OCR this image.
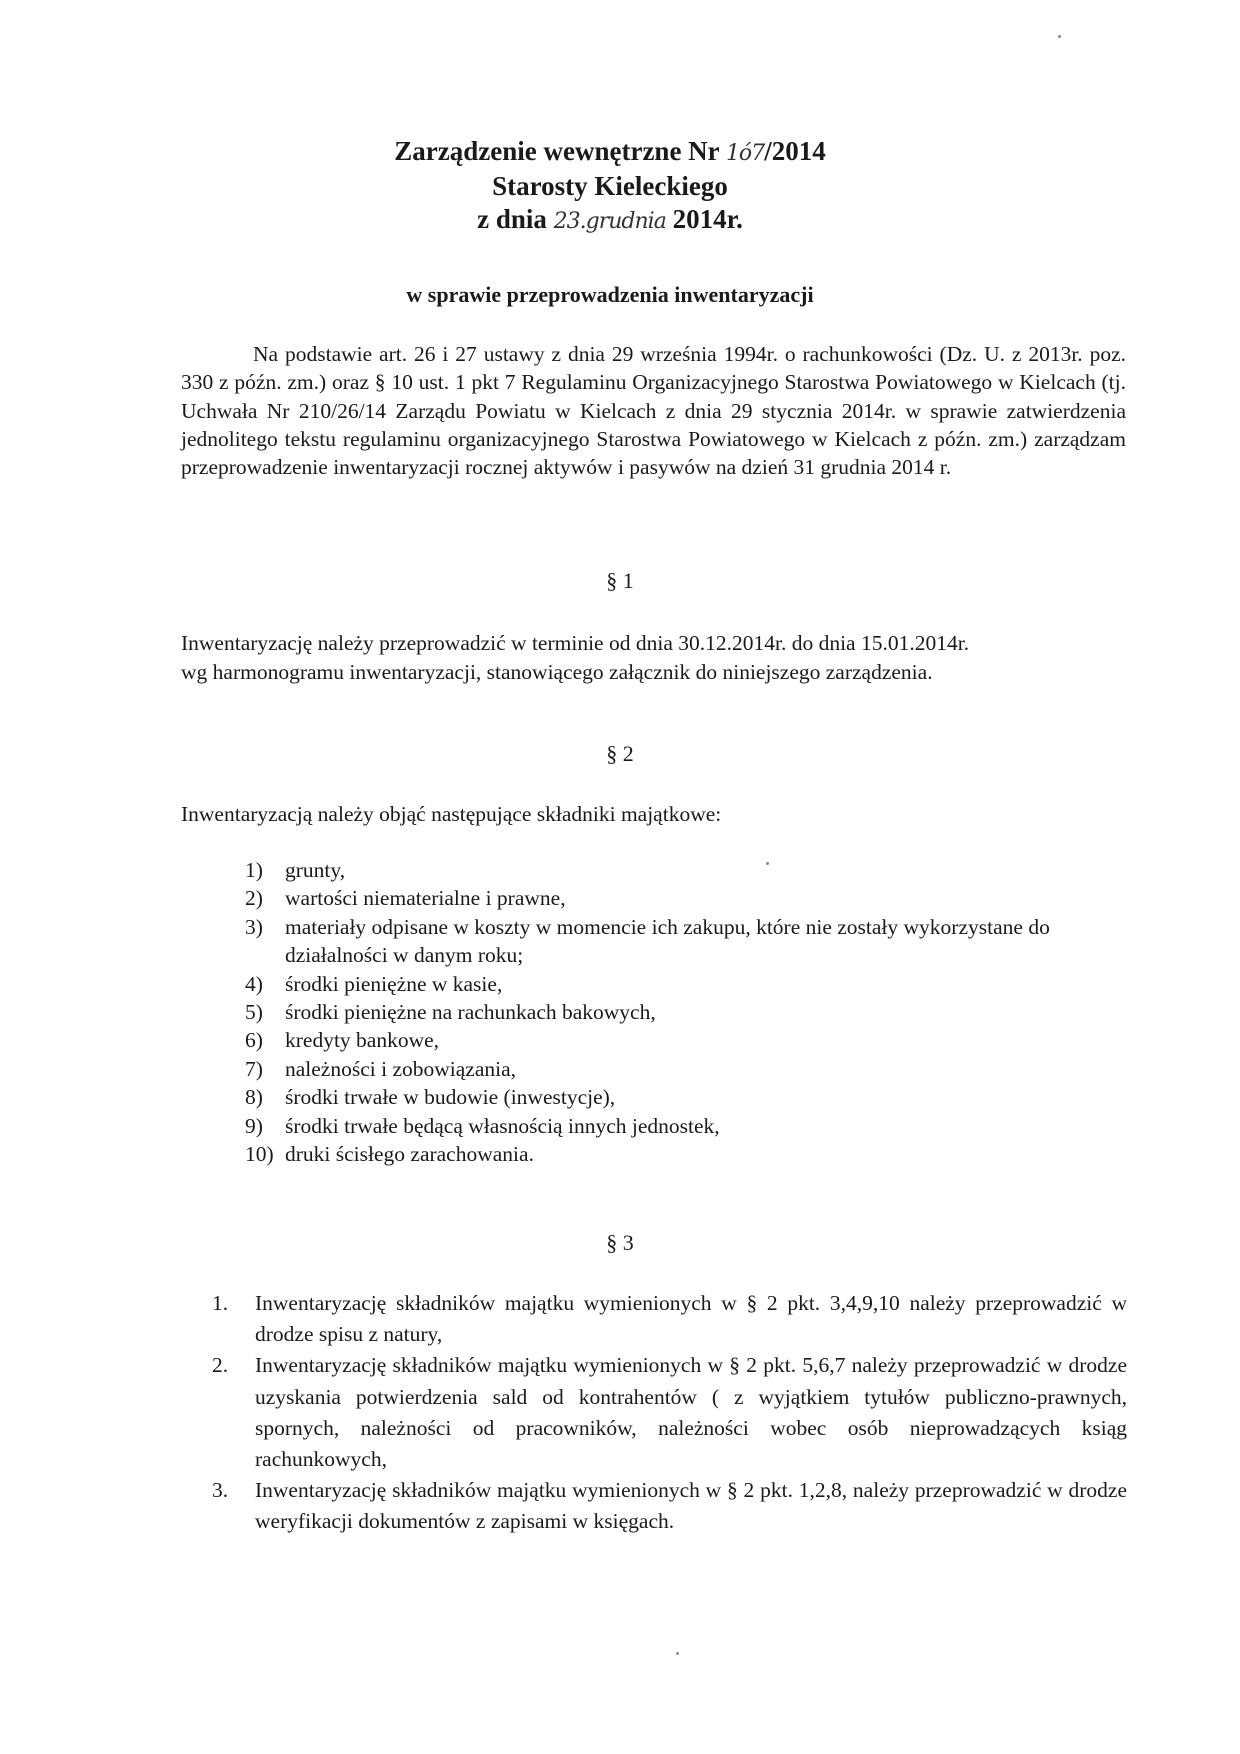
Zarządzenie wewnętrzne Nr 1ó7/2014
Starosty Kieleckiego
z dnia 23.grudnia 2014r.
w sprawie przeprowadzenia inwentaryzacji
Na podstawie art. 26 i 27 ustawy z dnia 29 września 1994r. o rachunkowości (Dz. U. z 2013r. poz. 330 z późn. zm.) oraz § 10 ust. 1 pkt 7 Regulaminu Organizacyjnego Starostwa Powiatowego w Kielcach (tj. Uchwała Nr 210/26/14 Zarządu Powiatu w Kielcach z dnia 29 stycznia 2014r. w sprawie zatwierdzenia jednolitego tekstu regulaminu organizacyjnego Starostwa Powiatowego w Kielcach z późn. zm.) zarządzam przeprowadzenie inwentaryzacji rocznej aktywów i pasywów na dzień 31 grudnia 2014 r.
§ 1
Inwentaryzację należy przeprowadzić w terminie od dnia 30.12.2014r. do dnia 15.01.2014r.
wg harmonogramu inwentaryzacji, stanowiącego załącznik do niniejszego zarządzenia.
§ 2
Inwentaryzacją należy objąć następujące składniki majątkowe:
1) grunty,
2) wartości niematerialne i prawne,
3) materiały odpisane w koszty w momencie ich zakupu, które nie zostały wykorzystane do działalności w danym roku;
4) środki pieniężne w kasie,
5) środki pieniężne na rachunkach bakowych,
6) kredyty bankowe,
7) należności i zobowiązania,
8) środki trwałe w budowie (inwestycje),
9) środki trwałe będącą własnością innych jednostek,
10) druki ścisłego zarachowania.
§ 3
1. Inwentaryzację składników majątku wymienionych w § 2 pkt. 3,4,9,10 należy przeprowadzić w drodze spisu z natury,
2. Inwentaryzację składników majątku wymienionych w § 2 pkt. 5,6,7 należy przeprowadzić w drodze uzyskania potwierdzenia sald od kontrahentów ( z wyjątkiem tytułów publiczno-prawnych, spornych, należności od pracowników, należności wobec osób nieprowadzących ksiąg rachunkowych,
3. Inwentaryzację składników majątku wymienionych w § 2 pkt. 1,2,8, należy przeprowadzić w drodze weryfikacji dokumentów z zapisami w księgach.
